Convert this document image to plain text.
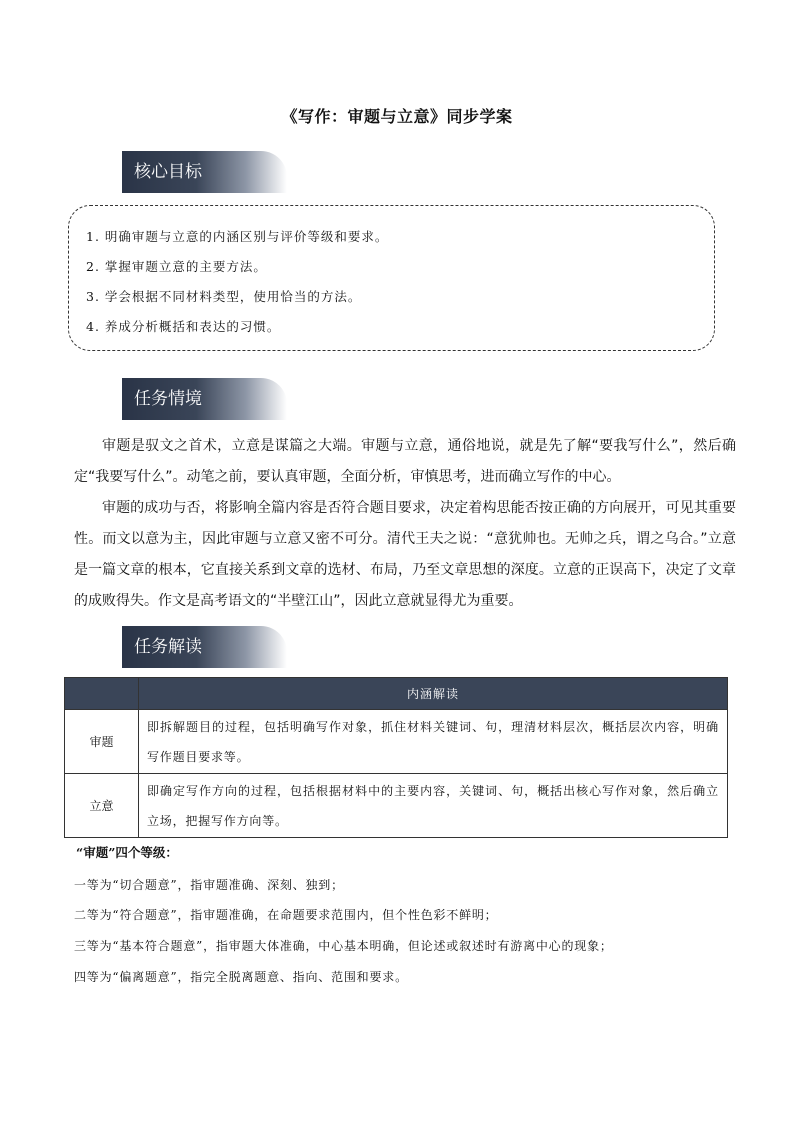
《写作：审题与立意》同步学案
核心目标
1. 明确审题与立意的内涵区别与评价等级和要求。
2. 掌握审题立意的主要方法。
3. 学会根据不同材料类型，使用恰当的方法。
4. 养成分析概括和表达的习惯。
任务情境
审题是驭文之首术，立意是谋篇之大端。审题与立意，通俗地说，就是先了解“要我写什么”，然后确定“我要写什么”。动笔之前，要认真审题，全面分析，审慎思考，进而确立写作的中心。
审题的成功与否，将影响全篇内容是否符合题目要求，决定着构思能否按正确的方向展开，可见其重要性。而文以意为主，因此审题与立意又密不可分。清代王夫之说：“意犹帅也。无帅之兵，谓之乌合。”立意是一篇文章的根本，它直接关系到文章的选材、布局，乃至文章思想的深度。立意的正误高下，决定了文章的成败得失。作文是高考语文的“半壁江山”，因此立意就显得尤为重要。
任务解读
	内涵解读
审题	即拆解题目的过程，包括明确写作对象，抓住材料关键词、句，理清材料层次，概括层次内容，明确写作题目要求等。
立意	即确定写作方向的过程，包括根据材料中的主要内容，关键词、句，概括出核心写作对象，然后确立立场，把握写作方向等。
“审题”四个等级：
一等为“切合题意”，指审题准确、深刻、独到；
二等为“符合题意”，指审题准确，在命题要求范围内，但个性色彩不鲜明；
三等为“基本符合题意”，指审题大体准确，中心基本明确，但论述或叙述时有游离中心的现象；
四等为“偏离题意”，指完全脱离题意、指向、范围和要求。
